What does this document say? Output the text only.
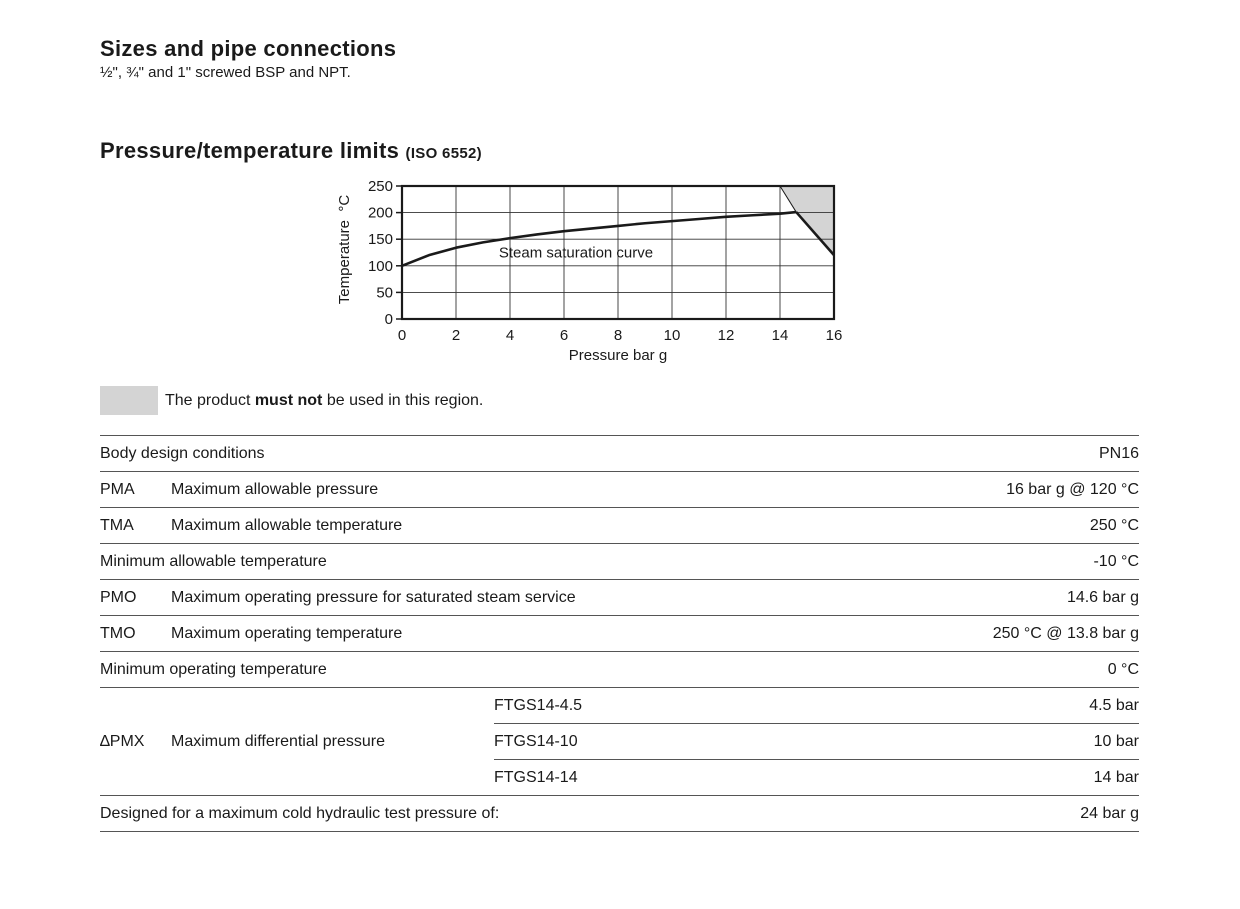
Sizes and pipe connections
½", ¾" and 1" screwed BSP and NPT.
Pressure/temperature limits (ISO 6552)
0	2	4	6	8	10 12 14 16
0
50
100
150
200
250
Pressure bar g
Temperature  °C	Steam saturation curve
The product must not be used in this region.
Body design conditions			PN16
PMA	Maximum allowable pressure		16 bar g @ 120 °C
TMA	Maximum allowable temperature		250 °C
Minimum allowable temperature			-10 °C
PMO	Maximum operating pressure for saturated steam service		14.6 bar g
TMO	Maximum operating temperature		250 °C @ 13.8 bar g
Minimum operating temperature			0 °C
∆PMX	Maximum differential pressure	FTGS14-4.5	4.5 bar
		FTGS14-10	10 bar
		FTGS14-14	14 bar
Designed for a maximum cold hydraulic test pressure of:			24 bar g
